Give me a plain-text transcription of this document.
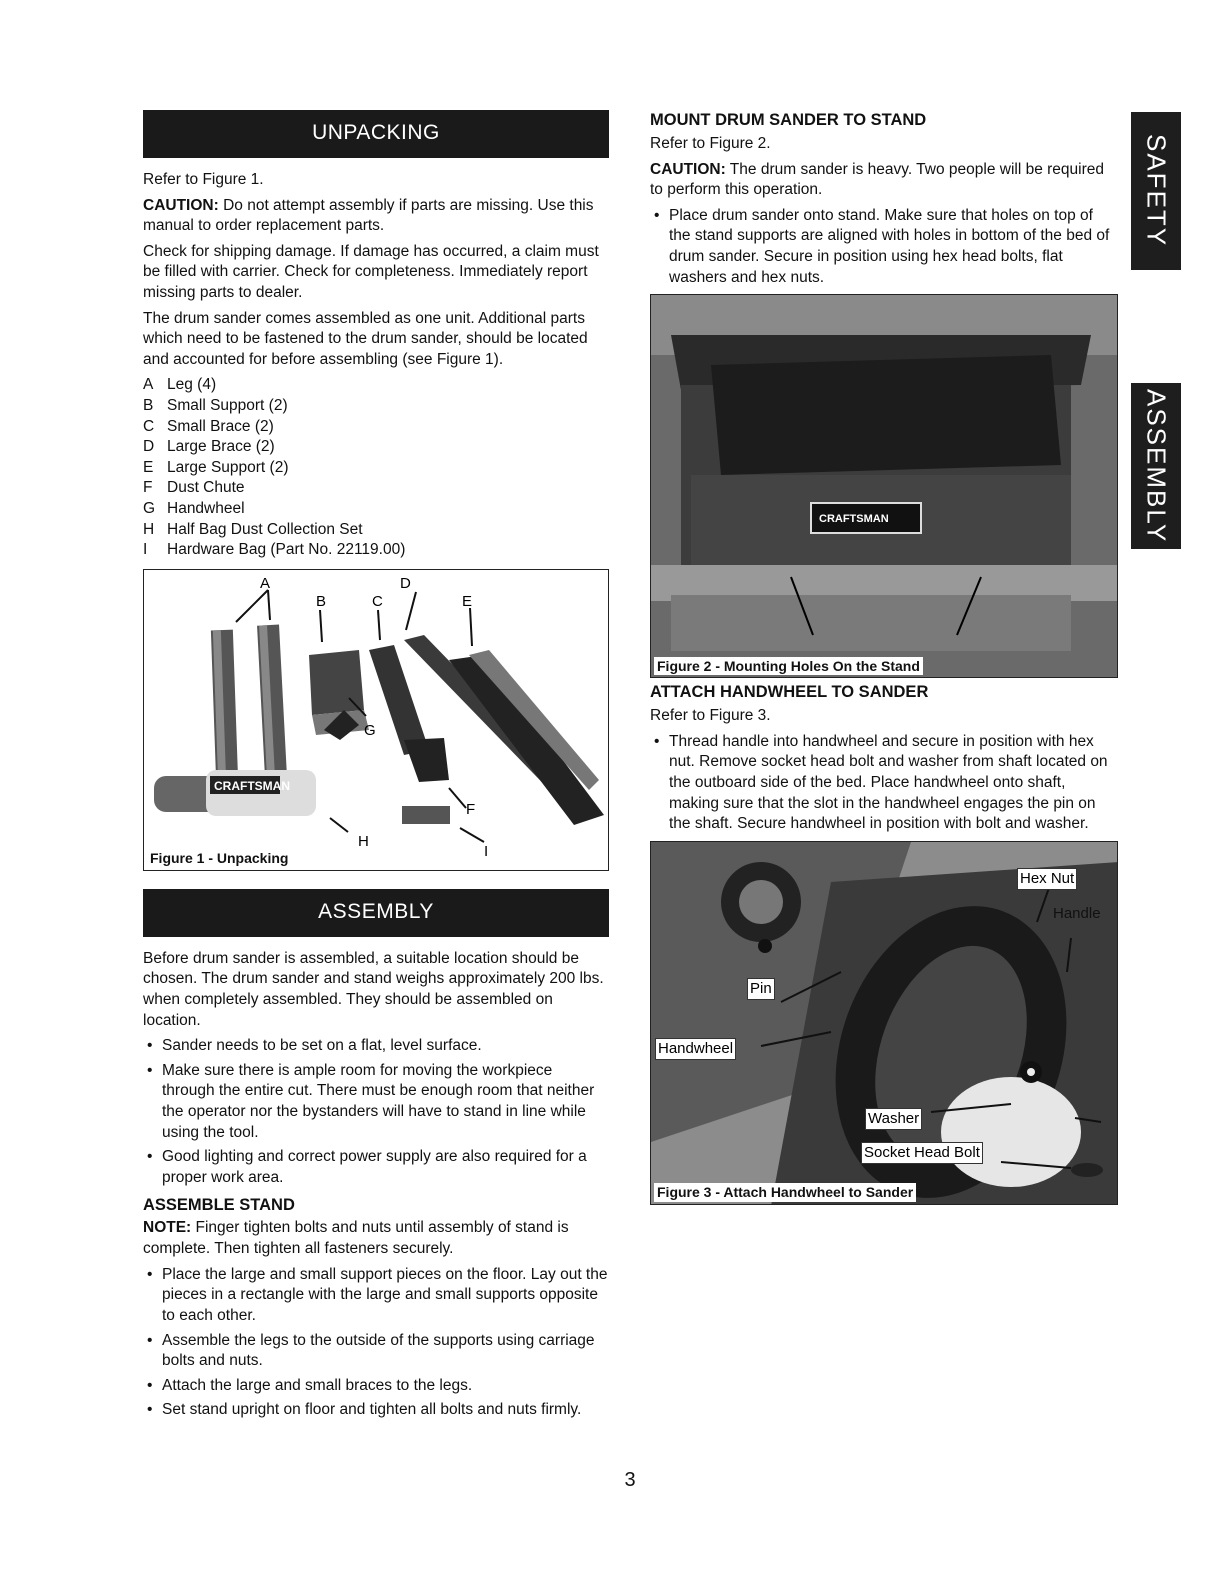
UNPACKING

Refer to Figure 1.

CAUTION: Do not attempt assembly if parts are missing. Use this manual to order replacement parts.

Check for shipping damage. If damage has occurred, a claim must be filled with carrier. Check for completeness. Immediately report missing parts to dealer.

The drum sander comes assembled as one unit. Additional parts which need to be fastened to the drum sander, should be located and accounted for before assembling (see Figure 1).

A Leg (4)
B Small Support (2)
C Small Brace (2)
D Large Brace (2)
E Large Support (2)
F Dust Chute
G Handwheel
H Half Bag Dust Collection Set
I	Hardware Bag (Part No. 22119.00)
CRAFTSMAN
A
B	C
D
E
G
F
H
I
Figure 1 - Unpacking
ASSEMBLY

Before drum sander is assembled, a suitable location should be chosen. The drum sander and stand weighs approximately 200 lbs. when completely assembled. They should be assembled on location.

• Sander needs to be set on a flat, level surface.
• Make sure there is ample room for moving the workpiece through the entire cut. There must be enough room that neither the operator nor the bystanders will have to stand in line while using the tool.
• Good lighting and correct power supply are also required for a proper work area.
ASSEMBLE STAND

NOTE: Finger tighten bolts and nuts until assembly of stand is complete. Then tighten all fasteners securely.

• Place the large and small support pieces on the floor. Lay out the pieces in a rectangle with the large and small supports opposite to each other.
• Assemble the legs to the outside of the supports using carriage bolts and nuts.
• Attach the large and small braces to the legs.
• Set stand upright on floor and tighten all bolts and nuts firmly.
MOUNT DRUM SANDER TO STAND

Refer to Figure 2.

CAUTION: The drum sander is heavy. Two people will be required to perform this operation.

• Place drum sander onto stand. Make sure that holes on top of the stand supports are aligned with holes in bottom of the bed of drum sander. Secure in position using hex head bolts, flat washers and hex nuts.
CRAFTSMAN
Figure 2 - Mounting Holes On the Stand
ATTACH HANDWHEEL TO SANDER

Refer to Figure 3.

• Thread handle into handwheel and secure in position with hex nut. Remove socket head bolt and washer from shaft located on the outboard side of the bed. Place handwheel onto shaft, making sure that the slot in the handwheel engages the pin on the shaft. Secure handwheel in position with bolt and washer.
Hex Nut
Handle
Pin
Handwheel
Washer
Socket Head Bolt
Figure 3 - Attach Handwheel to Sander
SAFETY
ASSEMBLY
3
